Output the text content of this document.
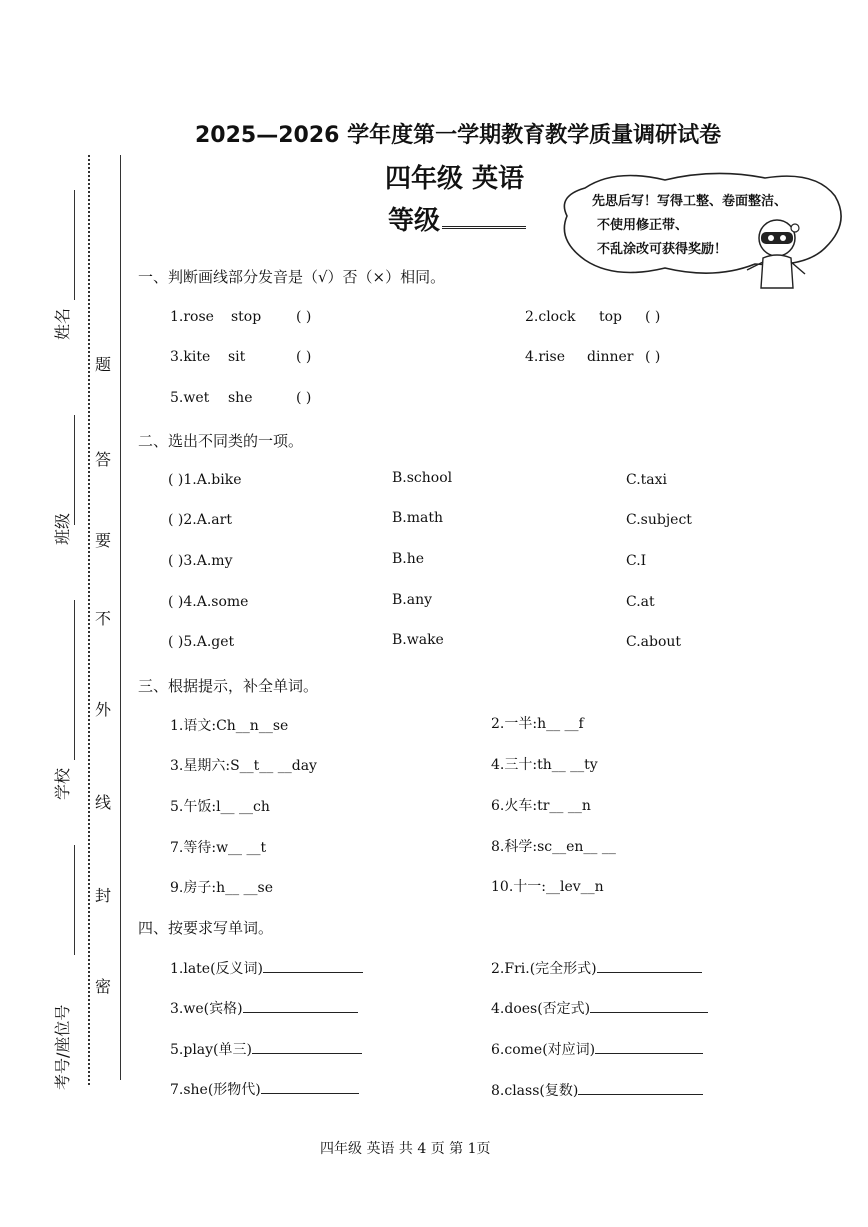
2025—2026 学年度第一学期教育教学质量调研试卷
四年级 英语
等级
先思后写！写得工整、卷面整洁、
不使用修正带、
不乱涂改可获得奖励！
姓名
班级
学校
考号/座位号
题
答
要
不
外
线
封
密
一、判断画线部分发音是（√）否（×）相同。
1.rose stop ( )	2.clock top ( )
3.kite sit	( )	4.rise dinner ( )
5.wet she	( )
二、选出不同类的一项。
( )1.A.bike	B.school	C.taxi
( )2.A.art	B.math	C.subject
( )3.A.my	B.he	C.I
( )4.A.some	B.any	C.at
( )5.A.get	B.wake	C.about
三、根据提示，补全单词。
1.语文:Ch__n__se	2.一半:h__ __f
3.星期六:S__t__ __day	4.三十:th__ __ty
5.午饭:l__ __ch	6.火车:tr__ __n
7.等待:w__ __t	8.科学:sc__en__ __
9.房子:h__ __se	10.十一:__lev__n
四、按要求写单词。
1.late(反义词)	2.Fri.(完全形式)
3.we(宾格)	4.does(否定式)
5.play(单三)	6.come(对应词)
7.she(形物代)	8.class(复数)
四年级 英语 共 4 页 第 1页
